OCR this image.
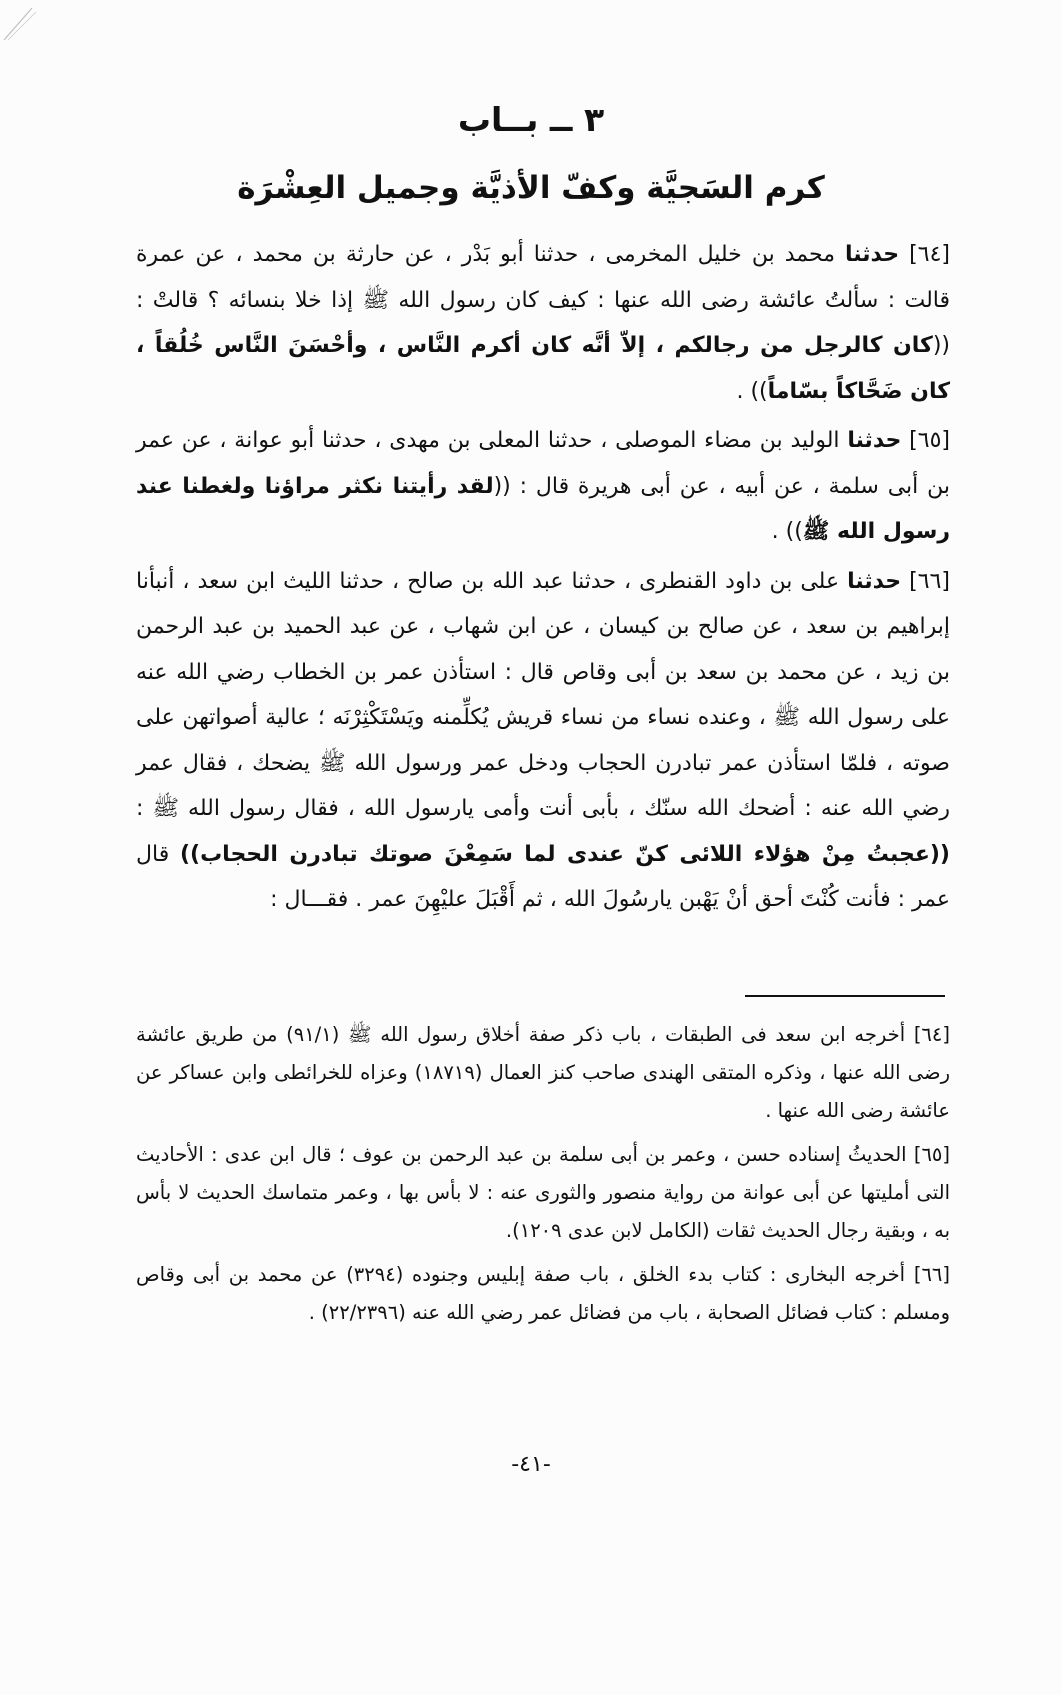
٣ ــ بــاب
كرم السَجيَّة وكفّ الأذيَّة وجميل العِشْرَة

[٦٤] حدثنا محمد بن خليل المخرمى ، حدثنا أبو بَدْر ، عن حارثة بن محمد ، عن عمرة قالت : سألتُ عائشة رضى الله عنها : كيف كان رسول الله ﷺ إذا خلا بنسائه ؟ قالتْ : ((كان كالرجل من رجالكم ، إلاّ أنَّه كان أكرم النَّاس ، وأحْسَنَ النَّاس خُلُقاً ، كان ضَحَّاكاً بسّاماً)) .

[٦٥] حدثنا الوليد بن مضاء الموصلى ، حدثنا المعلى بن مهدى ، حدثنا أبو عوانة ، عن عمر بن أبى سلمة ، عن أبيه ، عن أبى هريرة قال : ((لقد رأيتنا نكثر مراؤنا ولغطنا عند رسول الله ﷺ)) .

[٦٦] حدثنا على بن داود القنطرى ، حدثنا عبد الله بن صالح ، حدثنا الليث ابن سعد ، أنبأنا إبراهيم بن سعد ، عن صالح بن كيسان ، عن ابن شهاب ، عن عبد الحميد بن عبد الرحمن بن زيد ، عن محمد بن سعد بن أبى وقاص قال : استأذن عمر بن الخطاب رضي الله عنه على رسول الله ﷺ ، وعنده نساء من نساء قريش يُكلِّمنه ويَسْتَكْثِرْنَه ؛ عالية أصواتهن على صوته ، فلمّا استأذن عمر تبادرن الحجاب ودخل عمر ورسول الله ﷺ يضحك ، فقال عمر رضي الله عنه : أضحك الله سنّك ، بأبى أنت وأمى يارسول الله ، فقال رسول الله ﷺ : ((عجبتُ مِنْ هؤلاء اللائى كنّ عندى لما سَمِعْنَ صوتك تبادرن الحجاب)) قال عمر : فأنت كُنْتَ أحق أنْ يَهْبن يارسُولَ الله ، ثم أَقْبَلَ عليْهِنَ عمر . فقـــال :

[٦٤] أخرجه ابن سعد فى الطبقات ، باب ذكر صفة أخلاق رسول الله ﷺ (٩١/١) من طريق عائشة رضى الله عنها ، وذكره المتقى الهندى صاحب كنز العمال (١٨٧١٩) وعزاه للخرائطى وابن عساكر عن عائشة رضى الله عنها .

[٦٥] الحديثُ إسناده حسن ، وعمر بن أبى سلمة بن عبد الرحمن بن عوف ؛ قال ابن عدى : الأحاديث التى أمليتها عن أبى عوانة من رواية منصور والثورى عنه : لا بأس بها ، وعمر متماسك الحديث لا بأس به ، وبقية رجال الحديث ثقات (الكامل لابن عدى ١٢٠٩).

[٦٦] أخرجه البخارى : كتاب بدء الخلق ، باب صفة إبليس وجنوده (٣٢٩٤) عن محمد بن أبى وقاص ومسلم : كتاب فضائل الصحابة ، باب من فضائل عمر رضي الله عنه (٢٢/٢٣٩٦) .

-٤١-
